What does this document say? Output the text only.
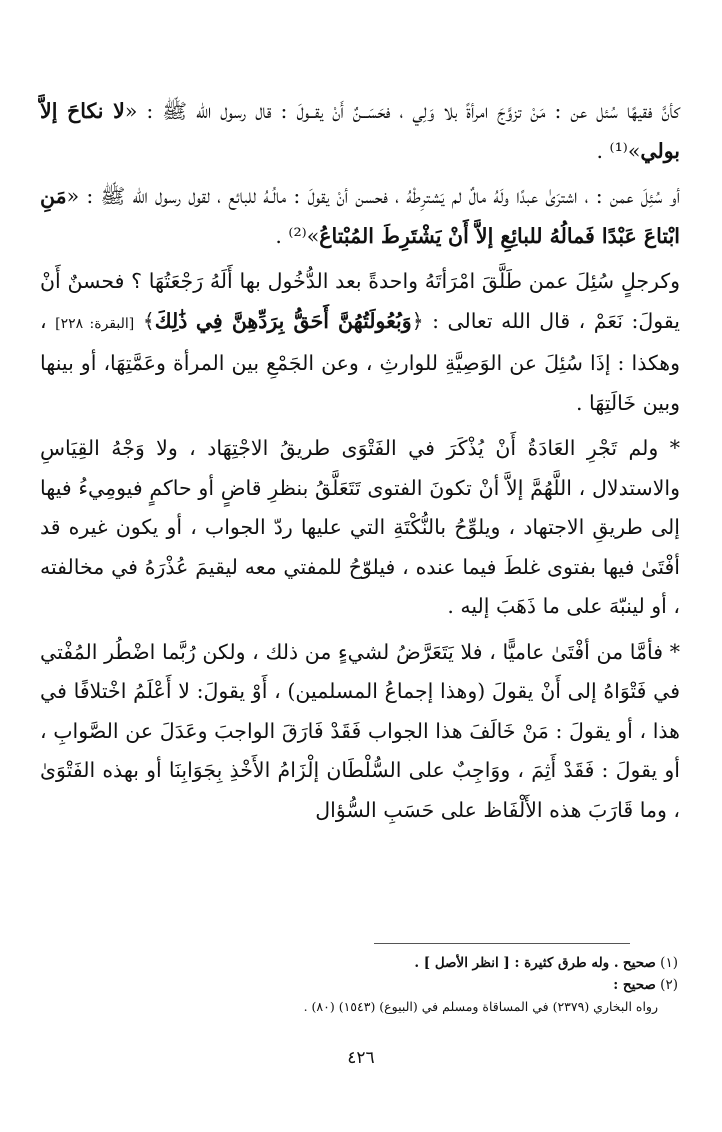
كأنَّ فقيهًا سُئل عن : مَنْ تزوَّجَ امرأةً بلا وَلِي ، فحَسَــنٌ أَنْ يقــولَ : قال رسول الله ﷺ : «لا نكاحَ إلاَّ بولي»⁽¹⁾ .

أو سُئِلَ عمن : ، اشترَىٰ عبدًا ولَهُ مالٌ لم يَشترِطْهُ ، فحسن أنْ يقولَ : مالُـهُ للبائع ، لقول رسول الله ﷺ : «مَنِ ابْتاعَ عَبْدًا فَمالُهُ للبائِعِ إلاَّ أَنْ يَشْتَرِطَ المُبْتاعُ»⁽²⁾ .

وكرجلٍ سُئِلَ عمن طَلَّقَ امْرَأتَهُ واحدةً بعد الدُّخُول بها أَلَهُ رَجْعَتُهَا ؟ فحسنٌ أَنْ يقولَ: نَعَمْ ، قال الله تعالى : ﴿وَبُعُولَتُهُنَّ أَحَقُّ بِرَدِّهِنَّ فِي ذَٰلِكَ﴾ [البقرة: ٢٢٨] ، وهكذا : إذَا سُئِلَ عن الوَصِيَّةِ للوارثِ ، وعن الجَمْعِ بين المرأة وعَمَّتِهَا، أو بينها وبين خَالَتِهَا .

* ولم تَجْرِ العَادَةُ أَنْ يُذْكَرَ في الفَتْوَى طريقُ الاجْتِهَاد ، ولا وَجْهُ القِيَاسِ والاستدلال ، اللَّهُمَّ إلاَّ أنْ تكونَ الفتوى تَتَعَلَّقُ بنظرِ قاضٍ أو حاكمٍ فيومِيءُ فيها إلى طريقِ الاجتهاد ، ويلوِّحُ بالنُّكْتَةِ التي عليها ردّ الجواب ، أو يكون غيره قد أفْتَىٰ فيها بفتوى غلطَ فيما عنده ، فيلوّحُ للمفتي معه ليقيمَ عُذْرَهُ في مخالفته ، أو لينبّهَ على ما ذَهَبَ إليه .

* فأمَّا من أفْتَىٰ عاميًّا ، فلا يَتَعَرَّضُ لشيءٍ من ذلك ، ولكن رُبَّما اضْطُر المُفْتي في فَتْوَاهُ إلى أَنْ يقولَ (وهذا إجماعُ المسلمين) ، أَوْ يقولَ: لا أَعْلَمُ اخْتلافًا في هذا ، أو يقولَ : مَنْ خَالَفَ هذا الجواب فَقَدْ فَارَقَ الواجبَ وعَدَلَ عن الصَّوابِ ، أو يقولَ : فَقَدْ أَثِمَ ، ووَاجِبٌ على السُّلْطَان إلْزَامُ الأَخْذِ بِجَوَابِنَا أو بهذه الفَتْوَىٰ ، وما قَارَبَ هذه الأَلْفَاظ على حَسَبِ السُّؤال

(١) صحيح . وله طرق كثيرة : [ انظر الأصل ] .

(٢) صحيح :

رواه البخاري (٢٣٧٩) في المساقاة ومسلم في (البيوع) (١٥٤٣) (٨٠) .

٤٢٦
